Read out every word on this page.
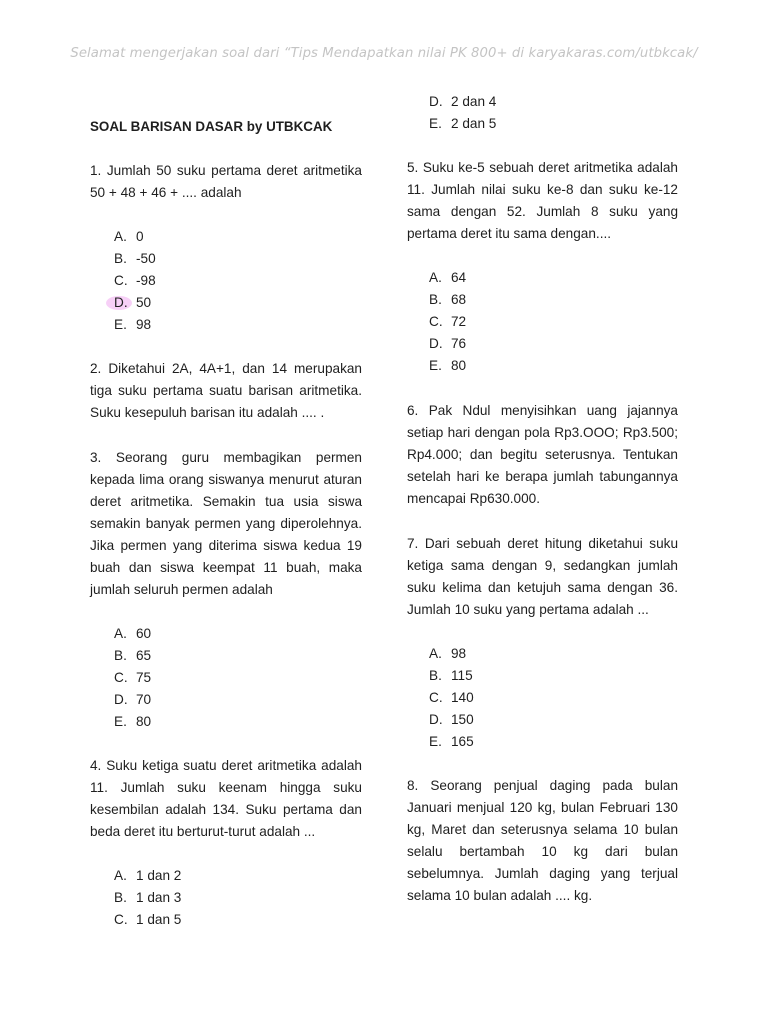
Selamat mengerjakan soal dari “Tips Mendapatkan nilai PK 800+ di karyakaras.com/utbkcak/
SOAL BARISAN DASAR by UTBKCAK
1. Jumlah 50 suku pertama deret aritmetika 50 + 48 + 46 + .... adalah
A. 0
B. -50
C. -98
D. 50
E. 98
2. Diketahui 2A, 4A+1, dan 14 merupakan tiga suku pertama suatu barisan aritmetika. Suku kesepuluh barisan itu adalah .... .
3. Seorang guru membagikan permen kepada lima orang siswanya menurut aturan deret aritmetika. Semakin tua usia siswa semakin banyak permen yang diperolehnya. Jika permen yang diterima siswa kedua 19 buah dan siswa keempat 11 buah, maka jumlah seluruh permen adalah
A. 60
B. 65
C. 75
D. 70
E. 80
4. Suku ketiga suatu deret aritmetika adalah 11. Jumlah suku keenam hingga suku kesembilan adalah 134. Suku pertama dan beda deret itu berturut-turut adalah ...
A. 1 dan 2
B. 1 dan 3
C. 1 dan 5
D. 2 dan 4
E. 2 dan 5
5. Suku ke-5 sebuah deret aritmetika adalah 11. Jumlah nilai suku ke-8 dan suku ke-12 sama dengan 52. Jumlah 8 suku yang pertama deret itu sama dengan....
A. 64
B. 68
C. 72
D. 76
E. 80
6. Pak Ndul menyisihkan uang jajannya setiap hari dengan pola Rp3.OOO; Rp3.500; Rp4.000; dan begitu seterusnya. Tentukan setelah hari ke berapa jumlah tabungannya mencapai Rp630.000.
7. Dari sebuah deret hitung diketahui suku ketiga sama dengan 9, sedangkan jumlah suku kelima dan ketujuh sama dengan 36. Jumlah 10 suku yang pertama adalah ...
A. 98
B. 115
C. 140
D. 150
E. 165
8. Seorang penjual daging pada bulan Januari menjual 120 kg, bulan Februari 130 kg, Maret dan seterusnya selama 10 bulan selalu bertambah 10 kg dari bulan sebelumnya. Jumlah daging yang terjual selama 10 bulan adalah .... kg.
